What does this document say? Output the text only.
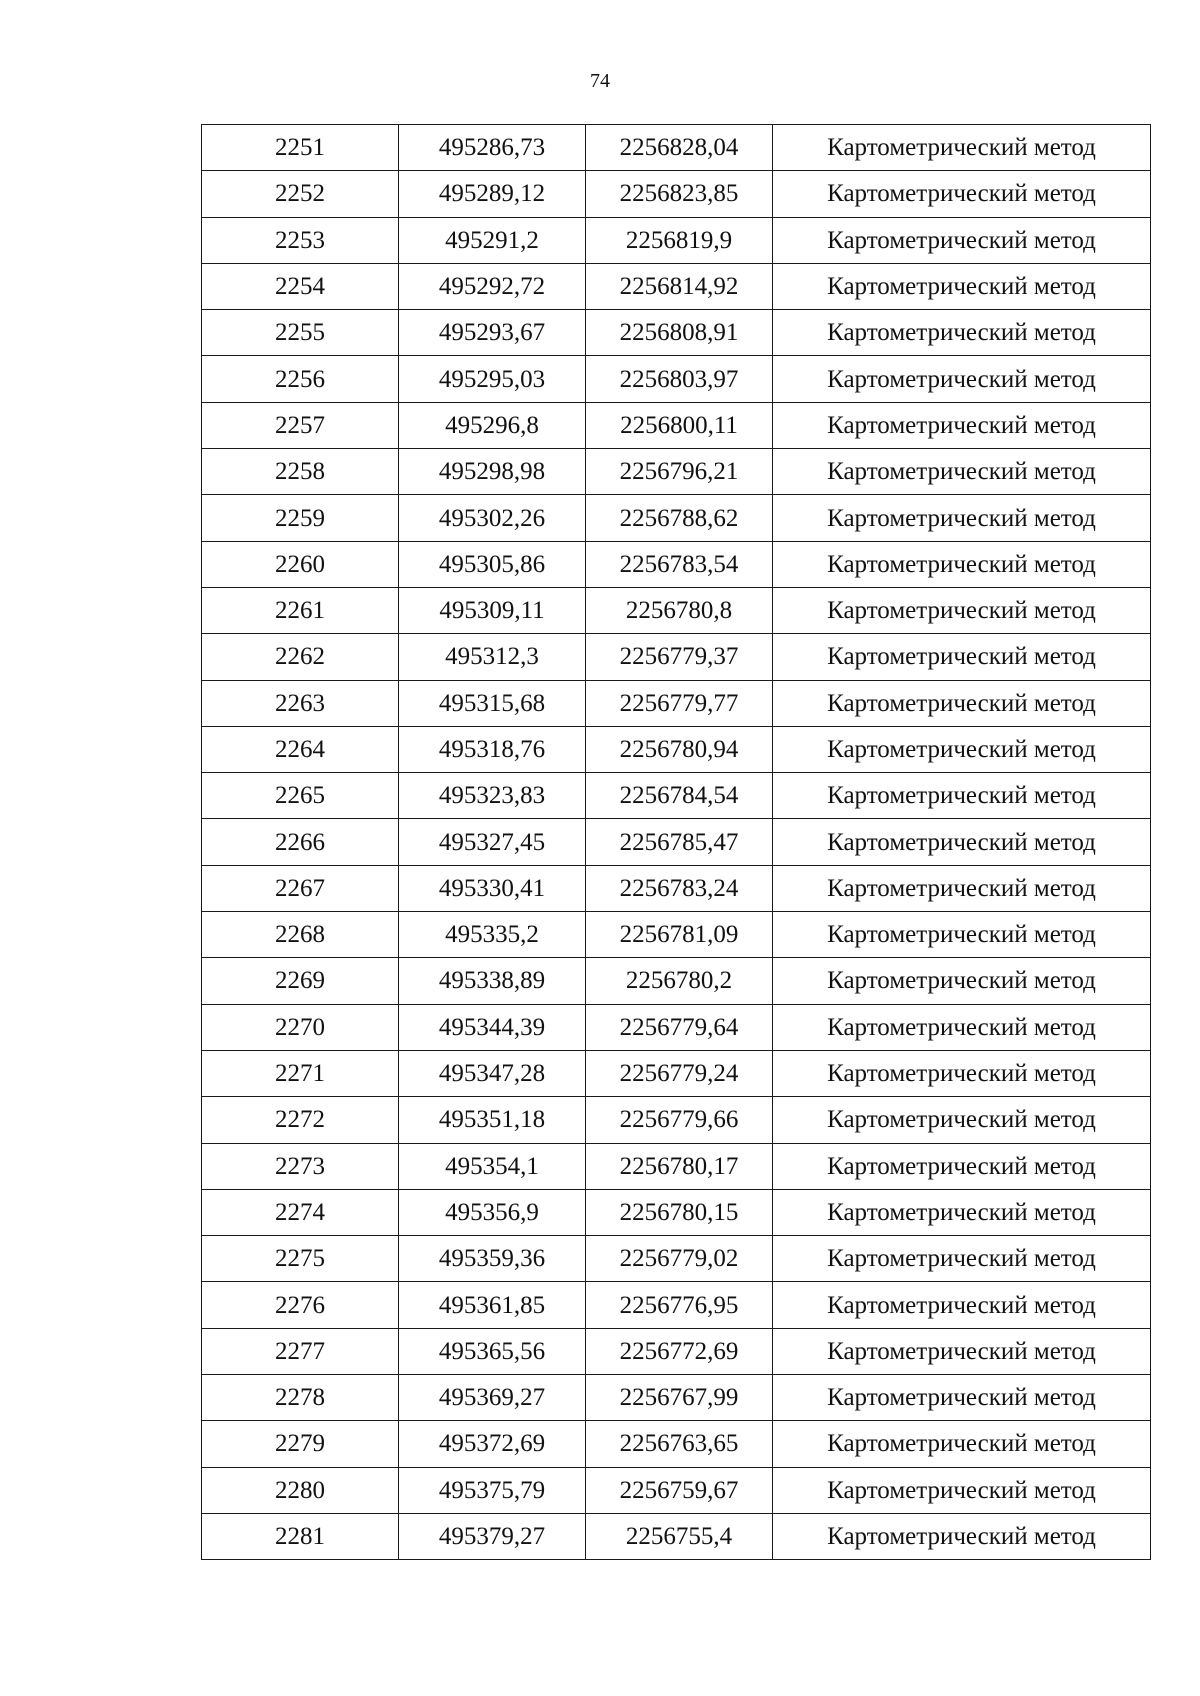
74
2251	495286,73	2256828,04	Картометрический метод
2252	495289,12	2256823,85	Картометрический метод
2253	495291,2	2256819,9	Картометрический метод
2254	495292,72	2256814,92	Картометрический метод
2255	495293,67	2256808,91	Картометрический метод
2256	495295,03	2256803,97	Картометрический метод
2257	495296,8	2256800,11	Картометрический метод
2258	495298,98	2256796,21	Картометрический метод
2259	495302,26	2256788,62	Картометрический метод
2260	495305,86	2256783,54	Картометрический метод
2261	495309,11	2256780,8	Картометрический метод
2262	495312,3	2256779,37	Картометрический метод
2263	495315,68	2256779,77	Картометрический метод
2264	495318,76	2256780,94	Картометрический метод
2265	495323,83	2256784,54	Картометрический метод
2266	495327,45	2256785,47	Картометрический метод
2267	495330,41	2256783,24	Картометрический метод
2268	495335,2	2256781,09	Картометрический метод
2269	495338,89	2256780,2	Картометрический метод
2270	495344,39	2256779,64	Картометрический метод
2271	495347,28	2256779,24	Картометрический метод
2272	495351,18	2256779,66	Картометрический метод
2273	495354,1	2256780,17	Картометрический метод
2274	495356,9	2256780,15	Картометрический метод
2275	495359,36	2256779,02	Картометрический метод
2276	495361,85	2256776,95	Картометрический метод
2277	495365,56	2256772,69	Картометрический метод
2278	495369,27	2256767,99	Картометрический метод
2279	495372,69	2256763,65	Картометрический метод
2280	495375,79	2256759,67	Картометрический метод
2281	495379,27	2256755,4	Картометрический метод
